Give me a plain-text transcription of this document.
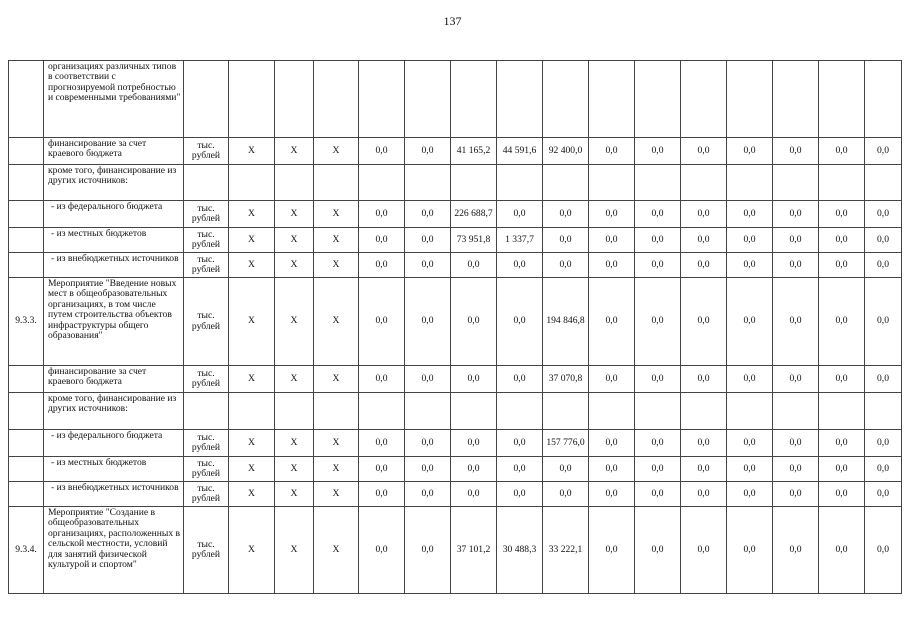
137
	организациях различных типов в соответствии с прогнозируемой потребностью и современными требованиями"																
	финансирование за счет краевого бюджета	тыс. рублей	X	X	X	0,0	0,0	41 165,2	44 591,6	92 400,0	0,0	0,0	0,0	0,0	0,0	0,0	0,0
	кроме того, финансирование из других источников:																
	- из федерального бюджета	тыс. рублей	X	X	X	0,0	0,0	226 688,7	0,0	0,0	0,0	0,0	0,0	0,0	0,0	0,0	0,0
	- из местных бюджетов	тыс. рублей	X	X	X	0,0	0,0	73 951,8	1 337,7	0,0	0,0	0,0	0,0	0,0	0,0	0,0	0,0
	- из внебюджетных источников	тыс. рублей	X	X	X	0,0	0,0	0,0	0,0	0,0	0,0	0,0	0,0	0,0	0,0	0,0	0,0
9.3.3.	Мероприятие "Введение новых мест в общеобразовательных организациях, в том числе путем строительства объектов инфраструктуры общего образования"	тыс. рублей	X	X	X	0,0	0,0	0,0	0,0	194 846,8	0,0	0,0	0,0	0,0	0,0	0,0	0,0
	финансирование за счет краевого бюджета	тыс. рублей	X	X	X	0,0	0,0	0,0	0,0	37 070,8	0,0	0,0	0,0	0,0	0,0	0,0	0,0
	кроме того, финансирование из других источников:																
	- из федерального бюджета	тыс. рублей	X	X	X	0,0	0,0	0,0	0,0	157 776,0	0,0	0,0	0,0	0,0	0,0	0,0	0,0
	- из местных бюджетов	тыс. рублей	X	X	X	0,0	0,0	0,0	0,0	0,0	0,0	0,0	0,0	0,0	0,0	0,0	0,0
	- из внебюджетных источников	тыс. рублей	X	X	X	0,0	0,0	0,0	0,0	0,0	0,0	0,0	0,0	0,0	0,0	0,0	0,0
9.3.4.	Мероприятие "Создание в общеобразовательных организациях, расположенных в сельской местности, условий для занятий физической культурой и спортом"	тыс. рублей	X	X	X	0,0	0,0	37 101,2	30 488,3	33 222,1	0,0	0,0	0,0	0,0	0,0	0,0	0,0
